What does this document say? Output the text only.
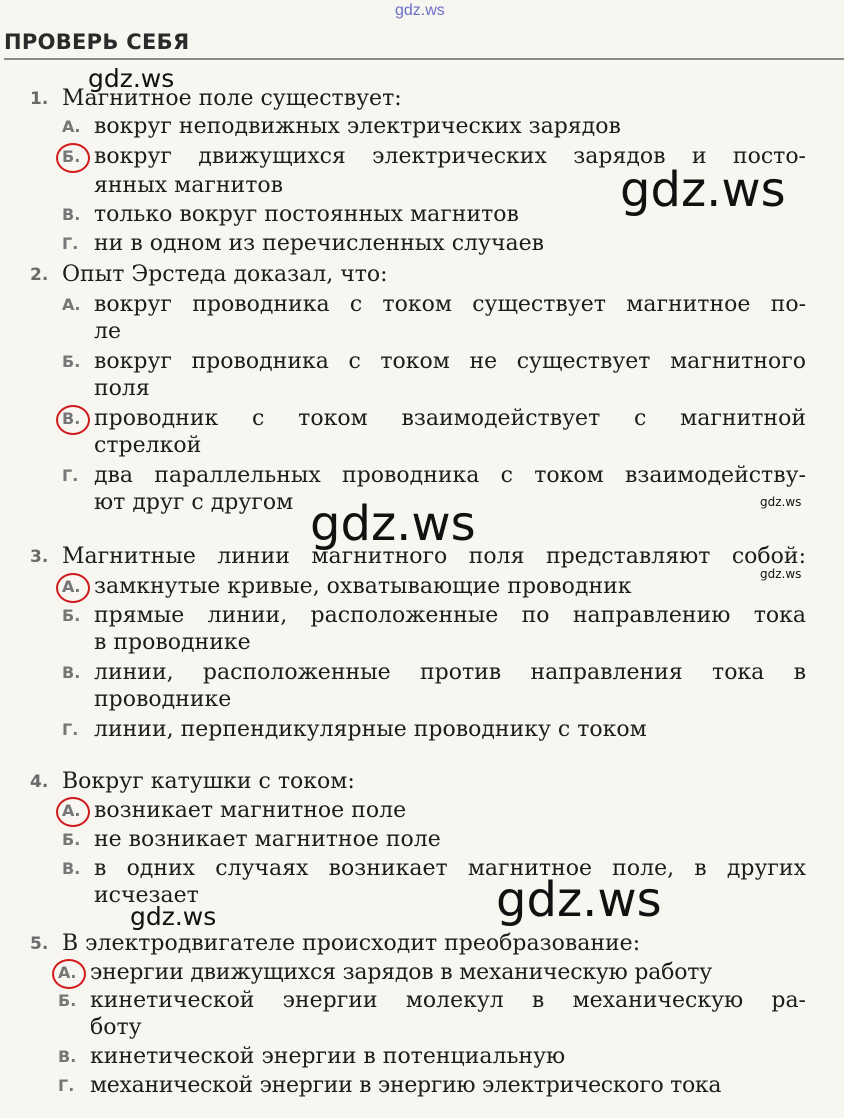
gdz.ws
ПРОВЕРЬ СЕБЯ
1. Магнитное поле существует:
А. вокруг неподвижных электрических зарядов
Б. вокруг движущихся электрических зарядов и посто-
янных магнитов
В. только вокруг постоянных магнитов
Г. ни в одном из перечисленных случаев
2. Опыт Эрстеда доказал, что:
А. вокруг проводника с током существует магнитное по-
ле
Б. вокруг проводника с током не существует магнитного
поля
В. проводник с током взаимодействует с магнитной
стрелкой
Г. два параллельных проводника с током взаимодейству-
ют друг с другом
3. Магнитные линии магнитного поля представляют собой:
А. замкнутые кривые, охватывающие проводник
Б. прямые линии, расположенные по направлению тока
в проводнике
В. линии, расположенные против направления тока в
проводнике
Г. линии, перпендикулярные проводнику с током
4. Вокруг катушки с током:
А. возникает магнитное поле
Б. не возникает магнитное поле
В. в одних случаях возникает магнитное поле, в других
исчезает
5. В электродвигателе происходит преобразование:
А. энергии движущихся зарядов в механическую работу
Б. кинетической энергии молекул в механическую ра-
боту
В. кинетической энергии в потенциальную
Г. механической энергии в энергию электрического тока
gdz.ws
gdz.ws
gdz.ws	gdz.ws
gdz.ws
gdz.ws	gdz.ws
